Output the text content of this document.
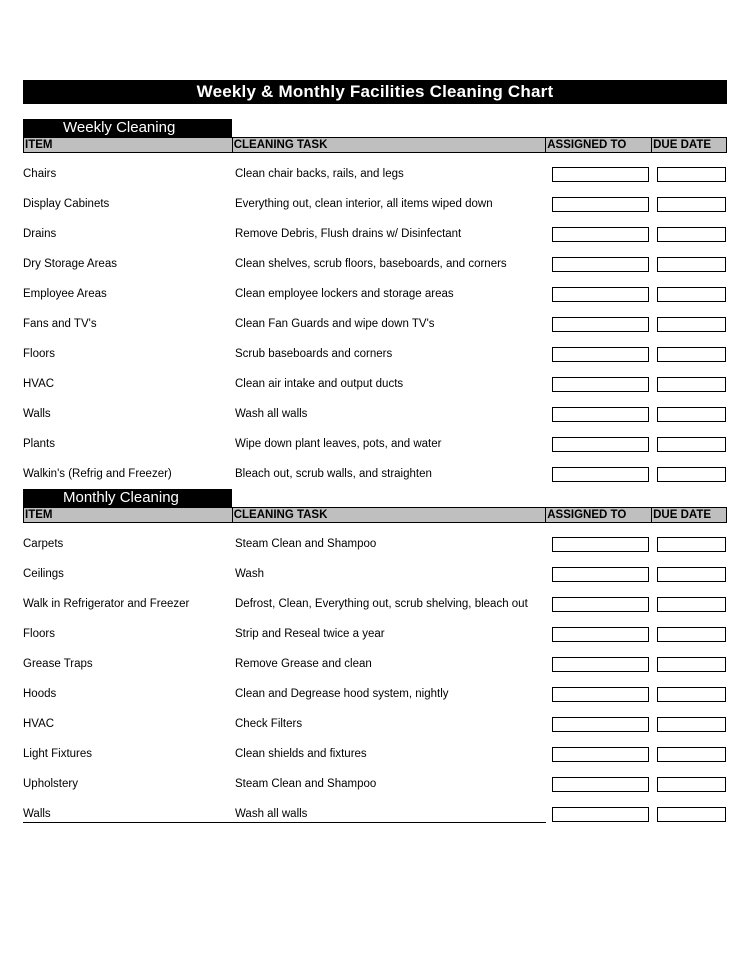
Weekly & Monthly Facilities Cleaning Chart
Weekly Cleaning
ITEM	CLEANING TASK	ASSIGNED TO	DUE DATE
Chairs	Clean chair backs, rails, and legs
Display Cabinets	Everything out, clean interior, all items wiped down
Drains	Remove Debris, Flush drains w/ Disinfectant
Dry Storage Areas	Clean shelves, scrub floors, baseboards, and corners
Employee Areas	Clean employee lockers and storage areas
Fans and TV's	Clean Fan Guards and wipe down TV's
Floors	Scrub baseboards and corners
HVAC	Clean air intake and output ducts
Walls	Wash all walls
Plants	Wipe down plant leaves, pots, and water
Walkin's (Refrig and Freezer)	Bleach out, scrub walls, and straighten
Monthly Cleaning
ITEM	CLEANING TASK	ASSIGNED TO	DUE DATE
Carpets	Steam Clean and Shampoo
Ceilings	Wash
Walk in Refrigerator and Freezer	Defrost, Clean, Everything out, scrub shelving, bleach out
Floors	Strip and Reseal twice a year
Grease Traps	Remove Grease and clean
Hoods	Clean and Degrease hood system, nightly
HVAC	Check Filters
Light Fixtures	Clean shields and fixtures
Upholstery	Steam Clean and Shampoo
Walls	Wash all walls
